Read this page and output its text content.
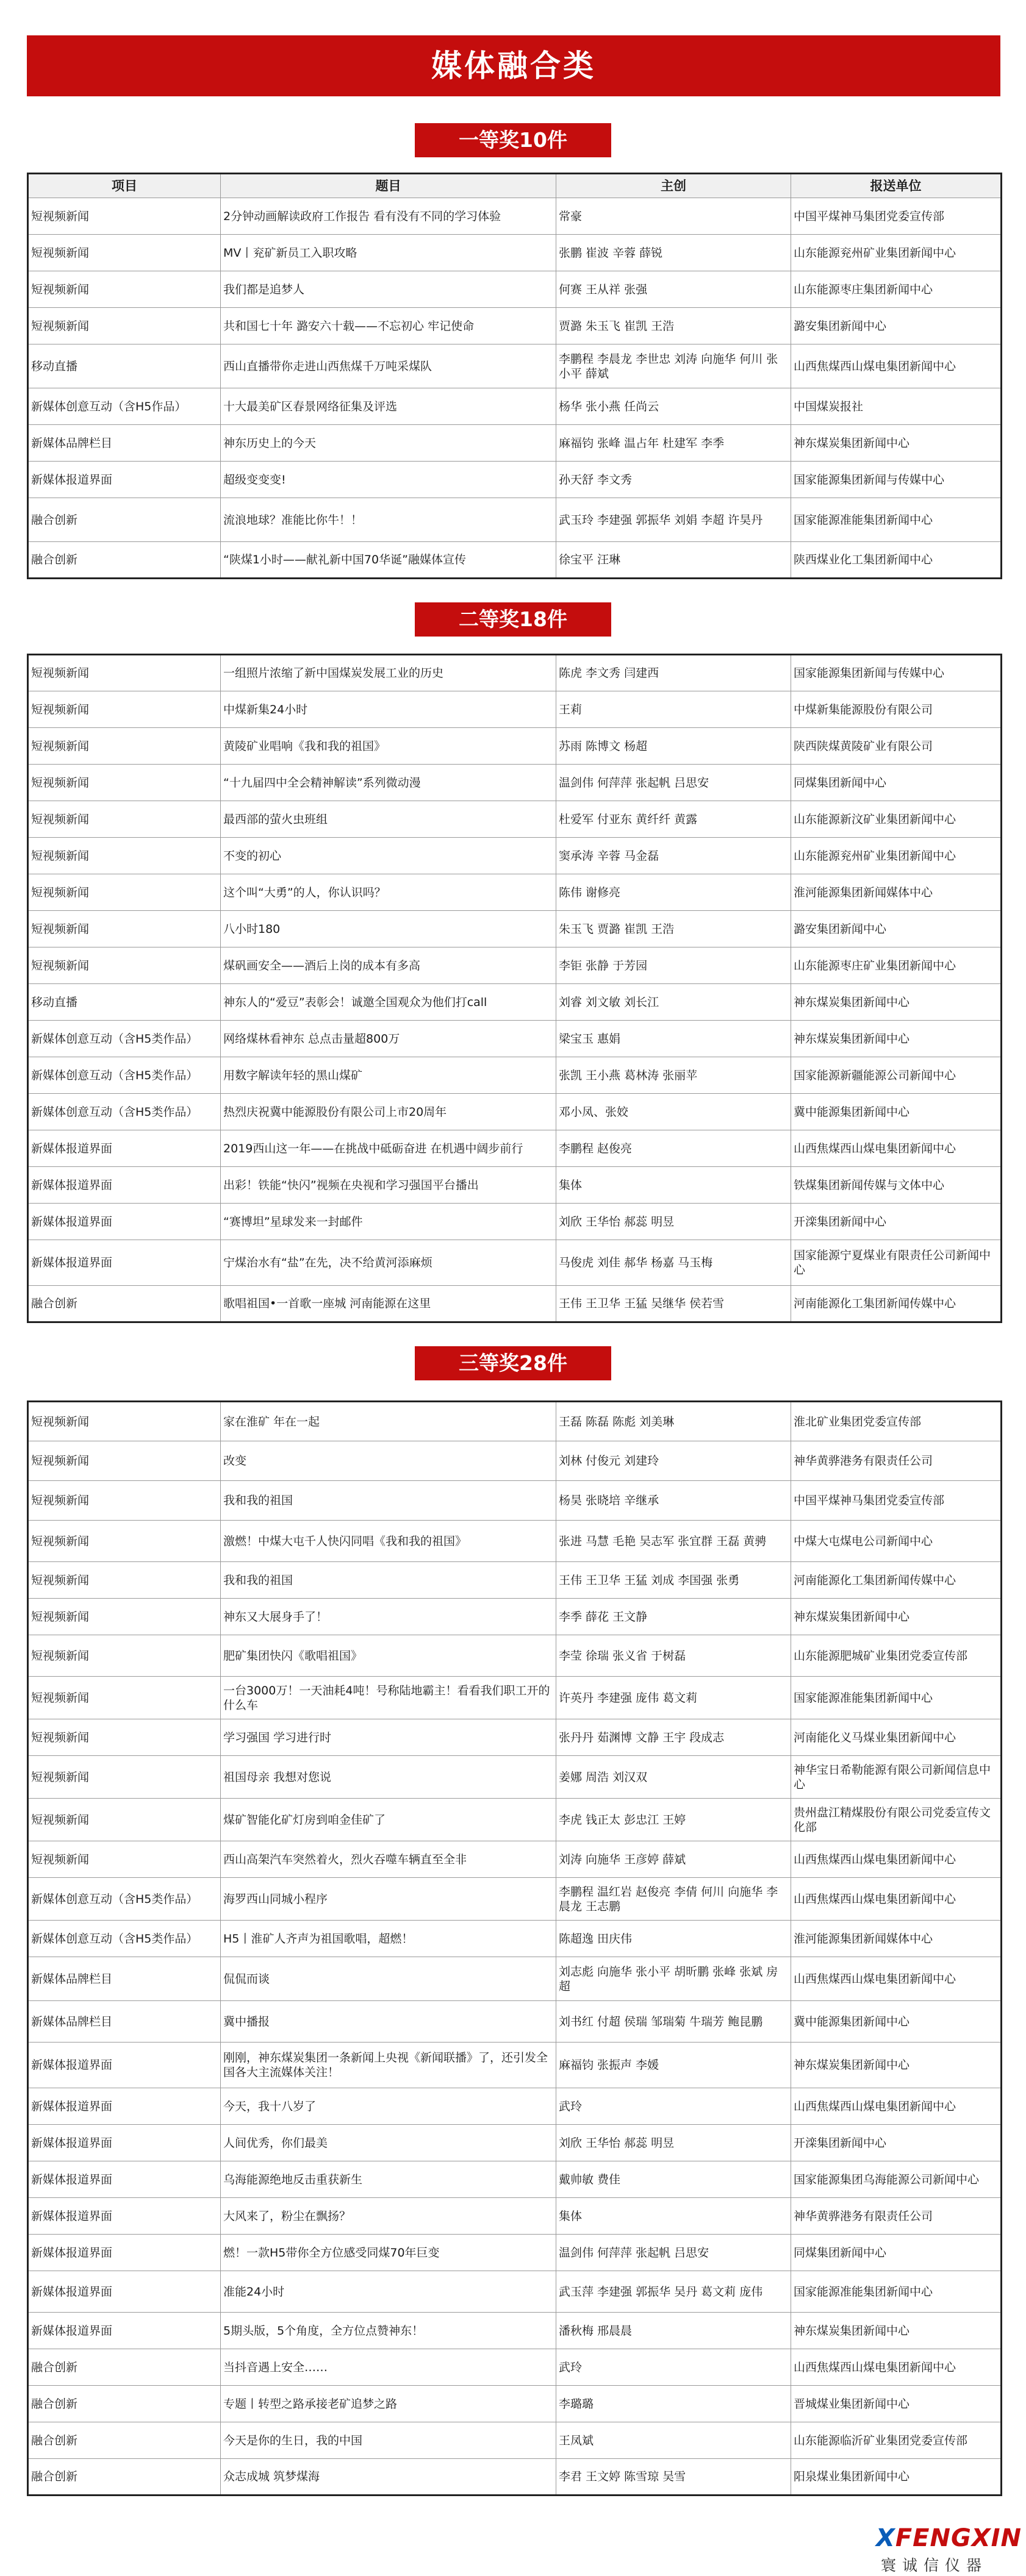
媒体融合类
一等奖10件
项目	题目	主创	报送单位
短视频新闻	2分钟动画解读政府工作报告 看有没有不同的学习体验	常豪	中国平煤神马集团党委宣传部
短视频新闻	MV丨兖矿新员工入职攻略	张鹏 崔波 辛蓉 薛锐	山东能源兖州矿业集团新闻中心
短视频新闻	我们都是追梦人	何赛 王从祥 张强	山东能源枣庄集团新闻中心
短视频新闻	共和国七十年 潞安六十载——不忘初心 牢记使命	贾潞 朱玉飞 崔凯 王浩	潞安集团新闻中心
移动直播	西山直播带你走进山西焦煤千万吨采煤队	李鹏程 李晨龙 李世忠 刘涛 向施华 何川 张小平 薛斌	山西焦煤西山煤电集团新闻中心
新媒体创意互动（含H5作品）	十大最美矿区春景网络征集及评选	杨华 张小燕 任尚云	中国煤炭报社
新媒体品牌栏目	神东历史上的今天	麻福钧 张峰 温占年 杜建军 李季	神东煤炭集团新闻中心
新媒体报道界面	超级变变变!	孙天舒 李文秀	国家能源集团新闻与传媒中心
融合创新	流浪地球？准能比你牛！！	武玉玲 李建强 郭振华 刘娟 李超 许昊丹	国家能源准能集团新闻中心
融合创新	“陕煤1小时——献礼新中国70华诞”融媒体宣传	徐宝平 汪琳	陕西煤业化工集团新闻中心
二等奖18件
短视频新闻	一组照片浓缩了新中国煤炭发展工业的历史	陈虎 李文秀 闫建西	国家能源集团新闻与传媒中心
短视频新闻	中煤新集24小时	王莉	中煤新集能源股份有限公司
短视频新闻	黄陵矿业唱响《我和我的祖国》	苏雨 陈博文 杨超	陕西陕煤黄陵矿业有限公司
短视频新闻	“十九届四中全会精神解读”系列微动漫	温剑伟 何萍萍 张起帆 吕思安	同煤集团新闻中心
短视频新闻	最西部的萤火虫班组	杜爱军 付亚东 黄纤纤 黄露	山东能源新汶矿业集团新闻中心
短视频新闻	不变的初心	窦承涛 辛蓉 马金磊	山东能源兖州矿业集团新闻中心
短视频新闻	这个叫“大勇”的人，你认识吗？	陈伟 谢修亮	淮河能源集团新闻媒体中心
短视频新闻	八小时180	朱玉飞 贾潞 崔凯 王浩	潞安集团新闻中心
短视频新闻	煤矾画安全——酒后上岗的成本有多高	李钜 张静 于芳园	山东能源枣庄矿业集团新闻中心
移动直播	神东人的“爱豆”表彰会！诚邀全国观众为他们打call	刘睿 刘文敏 刘长江	神东煤炭集团新闻中心
新媒体创意互动（含H5类作品）	网络煤林看神东 总点击量超800万	梁宝玉 惠娟	神东煤炭集团新闻中心
新媒体创意互动（含H5类作品）	用数字解读年轻的黑山煤矿	张凯 王小燕 葛林涛 张丽苹	国家能源新疆能源公司新闻中心
新媒体创意互动（含H5类作品）	热烈庆祝冀中能源股份有限公司上市20周年	邓小凤、张姣	冀中能源集团新闻中心
新媒体报道界面	2019西山这一年——在挑战中砥砺奋进 在机遇中阔步前行	李鹏程 赵俊亮	山西焦煤西山煤电集团新闻中心
新媒体报道界面	出彩！铁能“快闪”视频在央视和学习强国平台播出	集体	铁煤集团新闻传媒与文体中心
新媒体报道界面	“赛博坦”星球发来一封邮件	刘欣 王华怡 郝蕊 明昱	开滦集团新闻中心
新媒体报道界面	宁煤治水有“盐”在先，决不给黄河添麻烦	马俊虎 刘佳 郝华 杨嘉 马玉梅	国家能源宁夏煤业有限责任公司新闻中心
融合创新	歌唱祖国•一首歌一座城 河南能源在这里	王伟 王卫华 王猛 吴继华 侯若雪	河南能源化工集团新闻传媒中心
三等奖28件
短视频新闻	家在淮矿 年在一起	王磊 陈磊 陈彪 刘美琳	淮北矿业集团党委宣传部
短视频新闻	改变	刘林 付俊元 刘建玲	神华黄骅港务有限责任公司
短视频新闻	我和我的祖国	杨昊 张晓培 辛继承	中国平煤神马集团党委宣传部
短视频新闻	激燃！中煤大屯千人快闪同唱《我和我的祖国》	张进 马慧 毛艳 吴志军 张宜群 王磊 黄骋	中煤大屯煤电公司新闻中心
短视频新闻	我和我的祖国	王伟 王卫华 王猛 刘成 李国强 张勇	河南能源化工集团新闻传媒中心
短视频新闻	神东又大展身手了！	李季 薛花 王文静	神东煤炭集团新闻中心
短视频新闻	肥矿集团快闪《歌唱祖国》	李莹 徐瑞 张义省 于树磊	山东能源肥城矿业集团党委宣传部
短视频新闻	一台3000万！一天油耗4吨！号称陆地霸主！看看我们职工开的什么车	许英丹 李建强 庞伟 葛文莉	国家能源准能集团新闻中心
短视频新闻	学习强国 学习进行时	张丹丹 茹渊博 文静 王宇 段成志	河南能化义马煤业集团新闻中心
短视频新闻	祖国母亲 我想对您说	姜娜 周浩 刘汉双	神华宝日希勒能源有限公司新闻信息中心
短视频新闻	煤矿智能化矿灯房到咱金佳矿了	李虎 钱正太 彭忠江 王婷	贵州盘江精煤股份有限公司党委宣传文化部
短视频新闻	西山高架汽车突然着火，烈火吞噬车辆直至全非	刘涛 向施华 王彦婷 薛斌	山西焦煤西山煤电集团新闻中心
新媒体创意互动（含H5类作品）	海罗西山同城小程序	李鹏程 温红岩 赵俊亮 李倩 何川 向施华 李晨龙 王志鹏	山西焦煤西山煤电集团新闻中心
新媒体创意互动（含H5类作品）	H5丨淮矿人齐声为祖国歌唱，超燃！	陈超逸 田庆伟	淮河能源集团新闻媒体中心
新媒体品牌栏目	侃侃而谈	刘志彪 向施华 张小平 胡昕鹏 张峰 张斌 房超	山西焦煤西山煤电集团新闻中心
新媒体品牌栏目	冀中播报	刘书红 付超 侯瑞 邹瑞菊 牛瑞芳 鲍昆鹏	冀中能源集团新闻中心
新媒体报道界面	刚刚，神东煤炭集团一条新闻上央视《新闻联播》了，还引发全国各大主流媒体关注！	麻福钧 张振声 李媛	神东煤炭集团新闻中心
新媒体报道界面	今天，我十八岁了	武玲	山西焦煤西山煤电集团新闻中心
新媒体报道界面	人间优秀，你们最美	刘欣 王华怡 郝蕊 明昱	开滦集团新闻中心
新媒体报道界面	乌海能源绝地反击重获新生	戴帅敏 费佳	国家能源集团乌海能源公司新闻中心
新媒体报道界面	大风来了，粉尘在飘扬？	集体	神华黄骅港务有限责任公司
新媒体报道界面	燃！一款H5带你全方位感受同煤70年巨变	温剑伟 何萍萍 张起帆 吕思安	同煤集团新闻中心
新媒体报道界面	准能24小时	武玉萍 李建强 郭振华 吴丹 葛文莉 庞伟	国家能源准能集团新闻中心
新媒体报道界面	5期头版，5个角度，全方位点赞神东！	潘秋梅 邢晨晨	神东煤炭集团新闻中心
融合创新	当抖音遇上安全……	武玲	山西焦煤西山煤电集团新闻中心
融合创新	专题丨转型之路承接老矿追梦之路	李璐璐	晋城煤业集团新闻中心
融合创新	今天是你的生日，我的中国	王凤斌	山东能源临沂矿业集团党委宣传部
融合创新	众志成城 筑梦煤海	李君 王文婷 陈雪琼 吴雪	阳泉煤业集团新闻中心
XFENGXIN
寰诚信仪器
